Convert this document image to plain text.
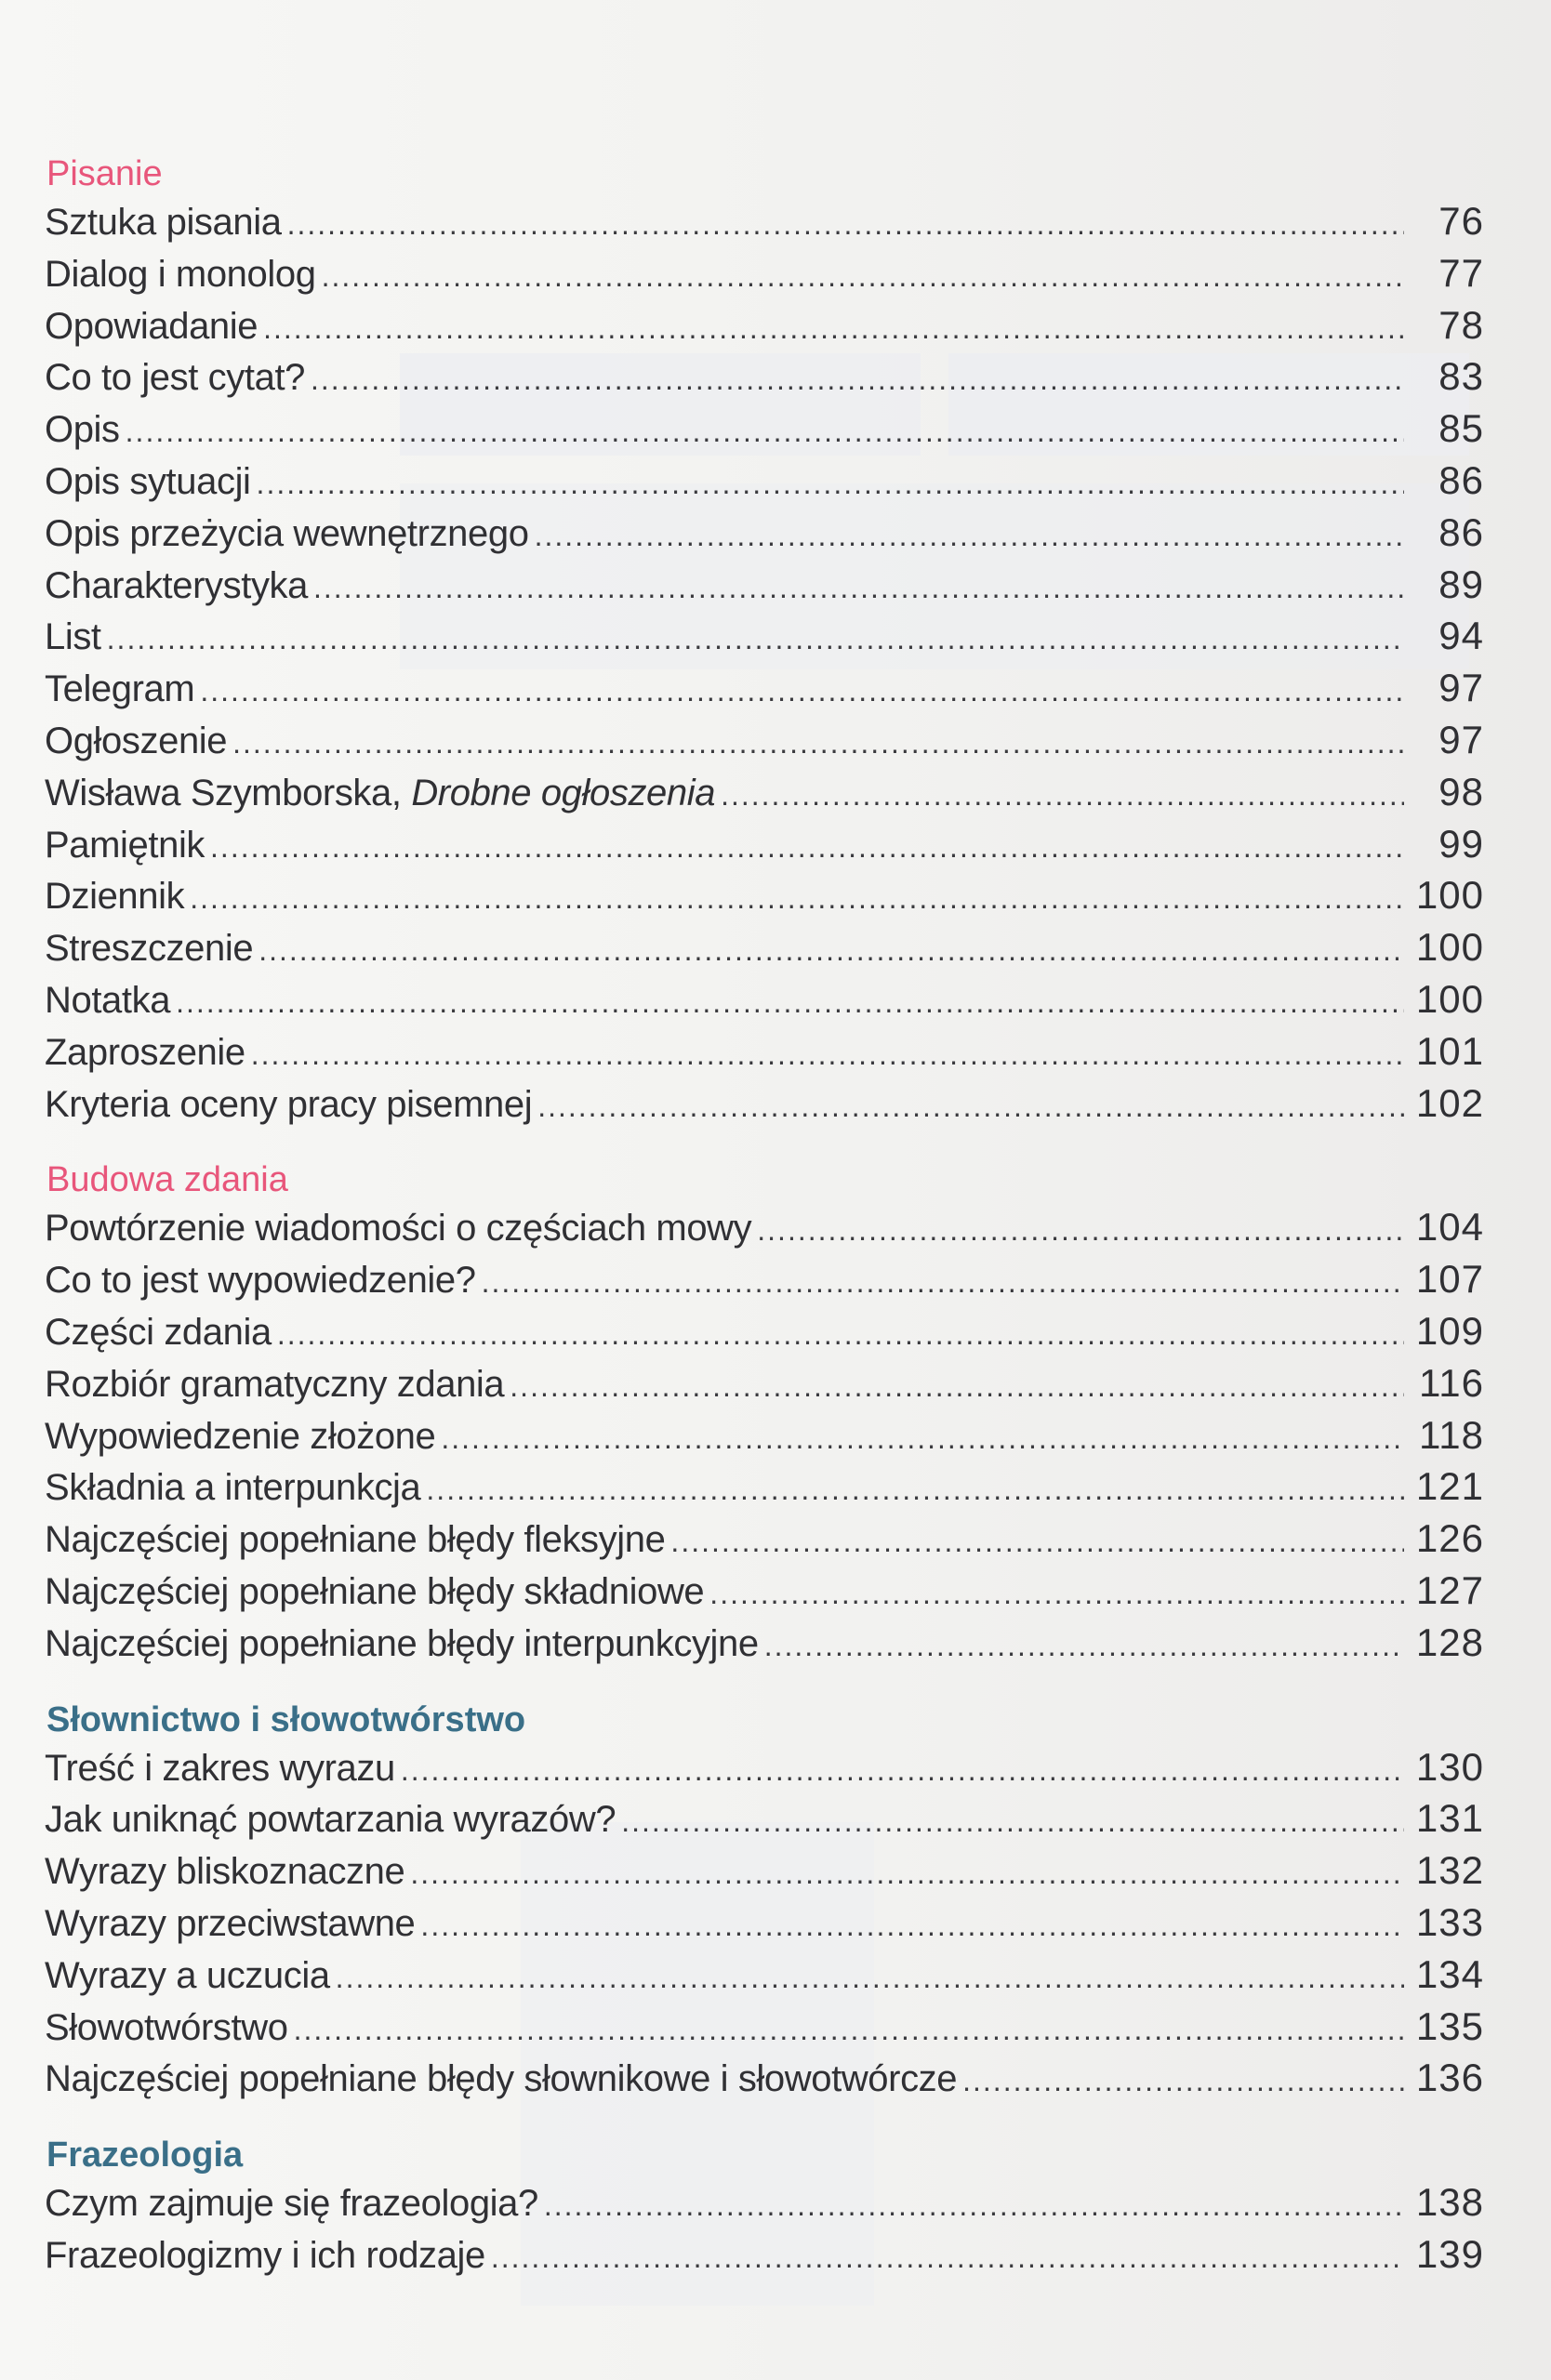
Pisanie
Sztuka pisania .....	76
Dialog i monolog .....	77
Opowiadanie .....	78
Co to jest cytat? .....	83
Opis .....	85
Opis sytuacji .....	86
Opis przeżycia wewnętrznego .....	86
Charakterystyka .....	89
List .....	94
Telegram .....	97
Ogłoszenie .....	97
Wisława Szymborska, Drobne ogłoszenia .....	98
Pamiętnik .....	99
Dziennik .....	100
Streszczenie .....	100
Notatka .....	100
Zaproszenie .....	101
Kryteria oceny pracy pisemnej .....	102
Budowa zdania
Powtórzenie wiadomości o częściach mowy .....	104
Co to jest wypowiedzenie? .....	107
Części zdania .....	109
Rozbiór gramatyczny zdania .....	116
Wypowiedzenie złożone .....	118
Składnia a interpunkcja .....	121
Najczęściej popełniane błędy fleksyjne .....	126
Najczęściej popełniane błędy składniowe .....	127
Najczęściej popełniane błędy interpunkcyjne .....	128
Słownictwo i słowotwórstwo
Treść i zakres wyrazu .....	130
Jak uniknąć powtarzania wyrazów? .....	131
Wyrazy bliskoznaczne .....	132
Wyrazy przeciwstawne .....	133
Wyrazy a uczucia .....	134
Słowotwórstwo .....	135
Najczęściej popełniane błędy słownikowe i słowotwórcze .....	136
Frazeologia
Czym zajmuje się frazeologia? .....	138
Frazeologizmy i ich rodzaje .....	139
